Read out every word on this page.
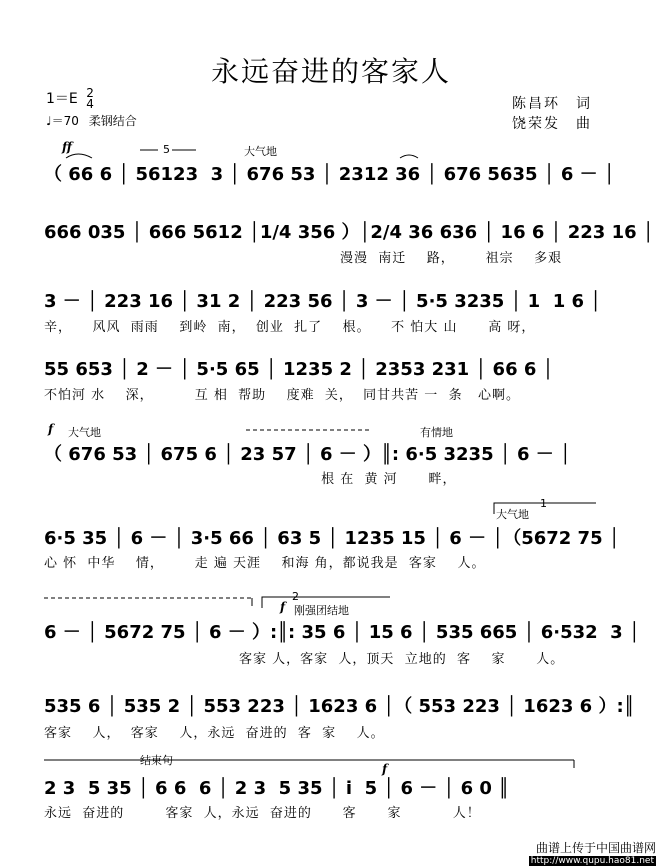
永远奋进的客家人
1＝E 2
4
♩＝70 柔钢结合
陈昌环　词
饶荣发　曲
ff	5	大气地
f 大气地	有情地
大气地
1
2
f 刚强团结地
结束句
f
（ 66 6 │ 56123  3 │ 676 53 │ 2312 36 │ 676 5635 │ 6 － │
666 035 │ 666 5612 │1/4 356 ）│2/4 36 636 │ 16 6 │ 223 16 │
漫漫  南迁    路，      祖宗    多艰
3 － │ 223 16 │ 31 2 │ 223 56 │ 3 － │ 5·5 3235 │ 1  1 6 │
辛，    风风  雨雨    到岭  南，  创业  扎了    根。    不 怕大 山      高 呀，
55 653 │ 2 － │ 5·5 65 │ 1235 2 │ 2353 231 │ 66 6 │
不怕河 水    深，        互 相  帮助    度难  关，  同甘共苦 一  条   心啊。
（ 676 53 │ 675 6 │ 23 57 │ 6 － ）║: 6·5 3235 │ 6 － │
根 在  黄 河      畔，
6·5 35 │ 6 － │ 3·5 66 │ 63 5 │ 1235 15 │ 6 － │（5672 75 │
心 怀  中华    情，      走 遍 天涯    和海 角，都说我是  客家    人。
6 － │ 5672 75 │ 6 － ）:║: 35 6 │ 15 6 │ 535 665 │ 6·532  3 │
客家 人，客家  人，顶天  立地的  客    家      人。
535 6 │ 535 2 │ 553 223 │ 1623 6 │（ 553 223 │ 1623 6 ）:║
客家    人，  客家    人，永远  奋进的  客  家    人。
2 3  5 35 │ 6 6  6 │ 2 3  5 35 │ i  5 │ 6 － │ 6 0 ║
永远  奋进的        客家  人，永远  奋进的      客      家          人！
曲谱上传于中国曲谱网
http://www.qupu.hao81.net
